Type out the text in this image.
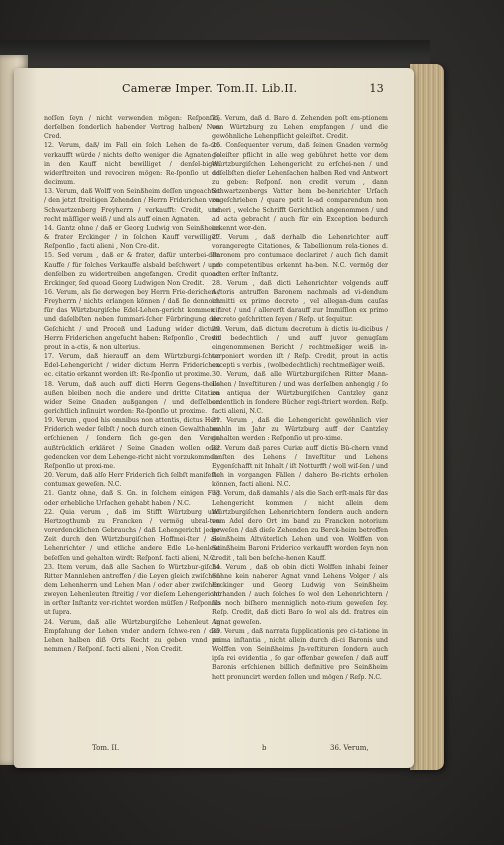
Cameræ Imper. Tom.II. Lib.II.	13

noſſen ſeyn / nicht verwenden mögen: Reſponſio, derſelben ſonderlich habender Vertrag halben/ Non Cred.

12. Verum, daß/ im Fall ein ſolch Lehen de fa-cto verkaufft würde / nichts deſto weniger die Agnaten ſo in den Kauff nicht bewilliget / denſel-bigen widerſtreiten und revociren mögen: Re-ſponſio ut ad decimum.

13. Verum, daß Wolff von Seinßheim deſſen ungeachtet / den jetzt ſtreitigen Zehenden / Herrn Friderichen von Schwartzenberg Freyherrn / verkaufft: Credit, und recht mäſſiger weiß / und als auff einen Agnaten.

14. Gantz ohne / daß er Georg Ludwig von Seinßheim & frater Erckinger / in ſolchen Kauff verwilliget: Reſponſio , facti alieni , Non Cre-dit.

15. Sed verum , daß er & frater, dafür unterbei-den Kauffe / für ſolches Verkauffe alsbald beſchwert / und denſelben zu widertreiben angefangen. Credit quoad Erckinger, ſed quoad Georg Ludwigen Non Credit.

16. Verum, als ſie derwegen bey Herrn Frie-derichen / Freyherrn / nichts erlangen können / daß ſie dennoch für das Würtzburgiſche Edel-Lehen-gericht kommen / und daſelbſten neben ſummari-ſcher Fürbringung der Geſchicht / und Proceß und Ladung wider dictum Herrn Friderichen angeſucht haben: Reſponſio , Credit prout in a-ctis, & non ulterius.

17. Verum, daß hierauff an dem Würtzburgi-ſchen Edel-Lehengericht / wider dictum Herrn Friderichen ec. citatio erkannt worden iſt: Re-ſponſio ut proxime.

18. Verum, daß auch auff dicti Herrn Gegens-theils außen bleiben noch die andere und dritte Citation wider Seine Gnaden außgangen / und deſſelben gerichtlich inſinuirt worden: Re-ſponſio ut proxime.

19. Verum , quod his omnibus non attentis, dictus Herr Friderich weder ſelbſt / noch durch einen Gewalthaber erſchienen / ſondern ſich ge-gen den Verein außtrücklich erkläret / Seine Gnaden wollen oder gedencken vor dem Lehenge-richt nicht vorzukommen: Reſponſio ut proxi-me.

20. Verum, daß alſo Herr Friderich ſich ſelbſt manifeſte contumax geweſen. N.C.

21. Gantz ohne, daß S. Gn. in ſolchem einigen Fug oder erhebliche Urſachen gehabt haben / N.C.

22. Quia verum , daß im Stifft Würtzburg und Hertzogthumb zu Francken / vermög ubral-ten vorerdencklichen Gebrauchs / daß Lehengericht jeder Zeit durch den Würtzburgiſchen Hoffmei-ſter / als Lehenrichter / und etliche andere Edle Le-henleut beſeſſen und gehalten wirdt: Reſponſ. facti alieni, N.C.

23. Item verum, daß alle Sachen ſo Würtzbur-giſche Ritter Mannlehen antreffen / die Leyen gleich zwiſchen dem Lehenherrn und Lehen Man / oder aber zwiſchen zweyen Lehenleuten ſtreitig / vor dieſem Lehengericht in erſter Inſtantz ver-richtet worden müſſen / Reſponſio ut ſupra.

24. Verum, daß alle Würtzburgiſche Lehenleut in Empfahung der Lehen vnder andern ſchwe-ren / der Lehen halben diß Orts Recht zu geben vnnd zu nemmen / Reſponſ. facti alieni , Non Credit.

25. Verum, daß d. Baro d. Zehenden poſt em-ptionem von Würtzburg zu Lehen empfangen / und die gewöhnliche Lehenpflicht geleiſtet. Credit.

26. Conſequenter verum, daß ſeinen Gnaden vermög geleiſter pflicht in alle weg gebühret hette vor dem Würtzburgiſchen Lehengericht zu erſchei-nen / und daſelbſten dieſer Lehenſachen halben Red vnd Antwort zu geben: Reſponſ. non credit verum , dann Schwartzenbergs Vatter hem be-henrichter Urſach zugeſchrieben / quare petit le-ad comparendum non teneri , welche Schrifft Gerichtlich angenommen / und ad acta gebracht / auch für ein Exception bedurch erkennt wor-den.

27. Verum , daß derhalb die Lehenrichter auff vorangeregte Citationes, & Tabellionum rela-tiones d. Baronem pro contumace declariret / auch ſich damit pro competentibus erkennt ha-ben. N.C. vermög der acten erſter Inſtantz.

28. Verum , daß dicti Lehenrichter volgends auff Actoris antruffen Baronem nachmals ad vi-dendum immitti ex primo decreto , vel allegan-dum cauſas citiret / und / allererſt darauff zur Immiſſion ex primo decreto geſchritten ſeyen / Reſp. ut ſequitur.

29. Verum, daß dictum decretum à dictis iu-dicibus / vol bedechtlich / und auff juvor genugſam eingenommenen Bericht / rechtmeßiger weiß in-terponiert worden iſt / Reſp. Credit, prout in actis excepti s verbis , (wolbedechtlich) rechtmeßiger weiß.

30. Verum, daß alle Würtzburgiſchen Ritter Mann-Lehen / Inveſtituren / und was derſelben anhengig / ſo zu antiqua der Würtzburgiſchen Cantzley ganz ordentlich in ſondere Bücher regi-ſtriert worden. Reſp. facti alieni, N.C.

31. Verum , daß die Lehengericht gewöhnlich vier mahln im Jahr zu Würtzburg auff der Cantzley gehalten werden : Reſponſio ut pro-xime.

32. Verum daß pares Curiæ auff dictis Bü-chern vnnd ſonſten des Lehens / Inveſtitur und Lehens Eygenſchafft nit Inhalt / iſt Notturfft / woll wiſ-ſen / und ſich in vorgangen Fällen / dahero Be-richts erholen können, facti alieni. N.C.

33. Verum, daß damahls / als die Sach erſt-mals für das Lehengericht kommen / nicht allein dem Würtzburgiſchen Lehenrichtern ſondern auch andern vom Adel dero Ort im band zu Francken notorium geweſen / daß dieſe Zehenden zu Berck-heim betroffen Seinßheim Altväterlich Lehen und von Wolffen von Seinßheim Baroni Friderico verkaufft worden ſeyn non credit , tali ben beſche-henen Kauff.

34. Verum , daß ob obin dicti Wolffen inhabi ſeiner Söhne kein naherer Agnat vnnd Lehens Volger / als Erckinger und Georg Ludwig von Seinßheim vorhanden / auch ſolches ſo wol den Lehenrichtern / als noch biſhero menniglich noto-rium geweſen ſey. Reſp. Credit, daß dicti Baro ſo wol als dd. fratres ein Agnat geweſen.

35. Verum , daß narrata ſupplicationis pro ci-tatione in prima inſtantia , nicht allein durch di-ci Baronis und Wolffen von Seinßheims Jn-veſtituren ſondern auch ipſa rei evidentia , ſo gar offenbar geweſen / daß auff Baronis erſchienen billich definitive pro Seinßheim hett pronuncirt werden ſollen und mögen / Reſp. N.C.

Tom. II.	b	36. Verum,
